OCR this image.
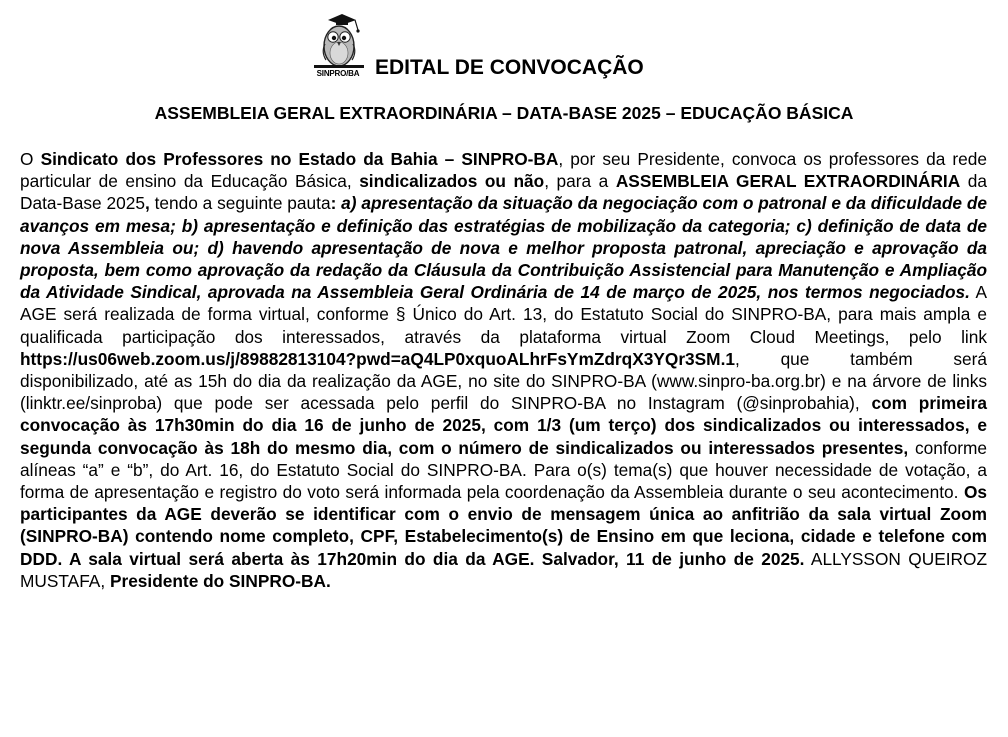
SINPRO/BA EDITAL DE CONVOCAÇÃO
ASSEMBLEIA GERAL EXTRAORDINÁRIA – DATA-BASE 2025 – EDUCAÇÃO BÁSICA

O Sindicato dos Professores no Estado da Bahia – SINPRO-BA, por seu Presidente, convoca os professores da rede particular de ensino da Educação Básica, sindicalizados ou não, para a ASSEMBLEIA GERAL EXTRAORDINÁRIA da Data-Base 2025, tendo a seguinte pauta: a) apresentação da situação da negociação com o patronal e da dificuldade de avanços em mesa; b) apresentação e definição das estratégias de mobilização da categoria; c) definição de data de nova Assembleia ou; d) havendo apresentação de nova e melhor proposta patronal, apreciação e aprovação da proposta, bem como aprovação da redação da Cláusula da Contribuição Assistencial para Manutenção e Ampliação da Atividade Sindical, aprovada na Assembleia Geral Ordinária de 14 de março de 2025, nos termos negociados. A AGE será realizada de forma virtual, conforme § Único do Art. 13, do Estatuto Social do SINPRO-BA, para mais ampla e qualificada participação dos interessados, através da plataforma virtual Zoom Cloud Meetings, pelo link https://us06web.zoom.us/j/89882813104?pwd=aQ4LP0xquoALhrFsYmZdrqX3YQr3SM.1, que também será disponibilizado, até as 15h do dia da realização da AGE, no site do SINPRO-BA (www.sinpro-ba.org.br) e na árvore de links (linktr.ee/sinproba) que pode ser acessada pelo perfil do SINPRO-BA no Instagram (@sinprobahia), com primeira convocação às 17h30min do dia 16 de junho de 2025, com 1/3 (um terço) dos sindicalizados ou interessados, e segunda convocação às 18h do mesmo dia, com o número de sindicalizados ou interessados presentes, conforme alíneas “a” e “b”, do Art. 16, do Estatuto Social do SINPRO-BA. Para o(s) tema(s) que houver necessidade de votação, a forma de apresentação e registro do voto será informada pela coordenação da Assembleia durante o seu acontecimento. Os participantes da AGE deverão se identificar com o envio de mensagem única ao anfitrião da sala virtual Zoom (SINPRO-BA) contendo nome completo, CPF, Estabelecimento(s) de Ensino em que leciona, cidade e telefone com DDD. A sala virtual será aberta às 17h20min do dia da AGE. Salvador, 11 de junho de 2025. ALLYSSON QUEIROZ MUSTAFA, Presidente do SINPRO-BA.
